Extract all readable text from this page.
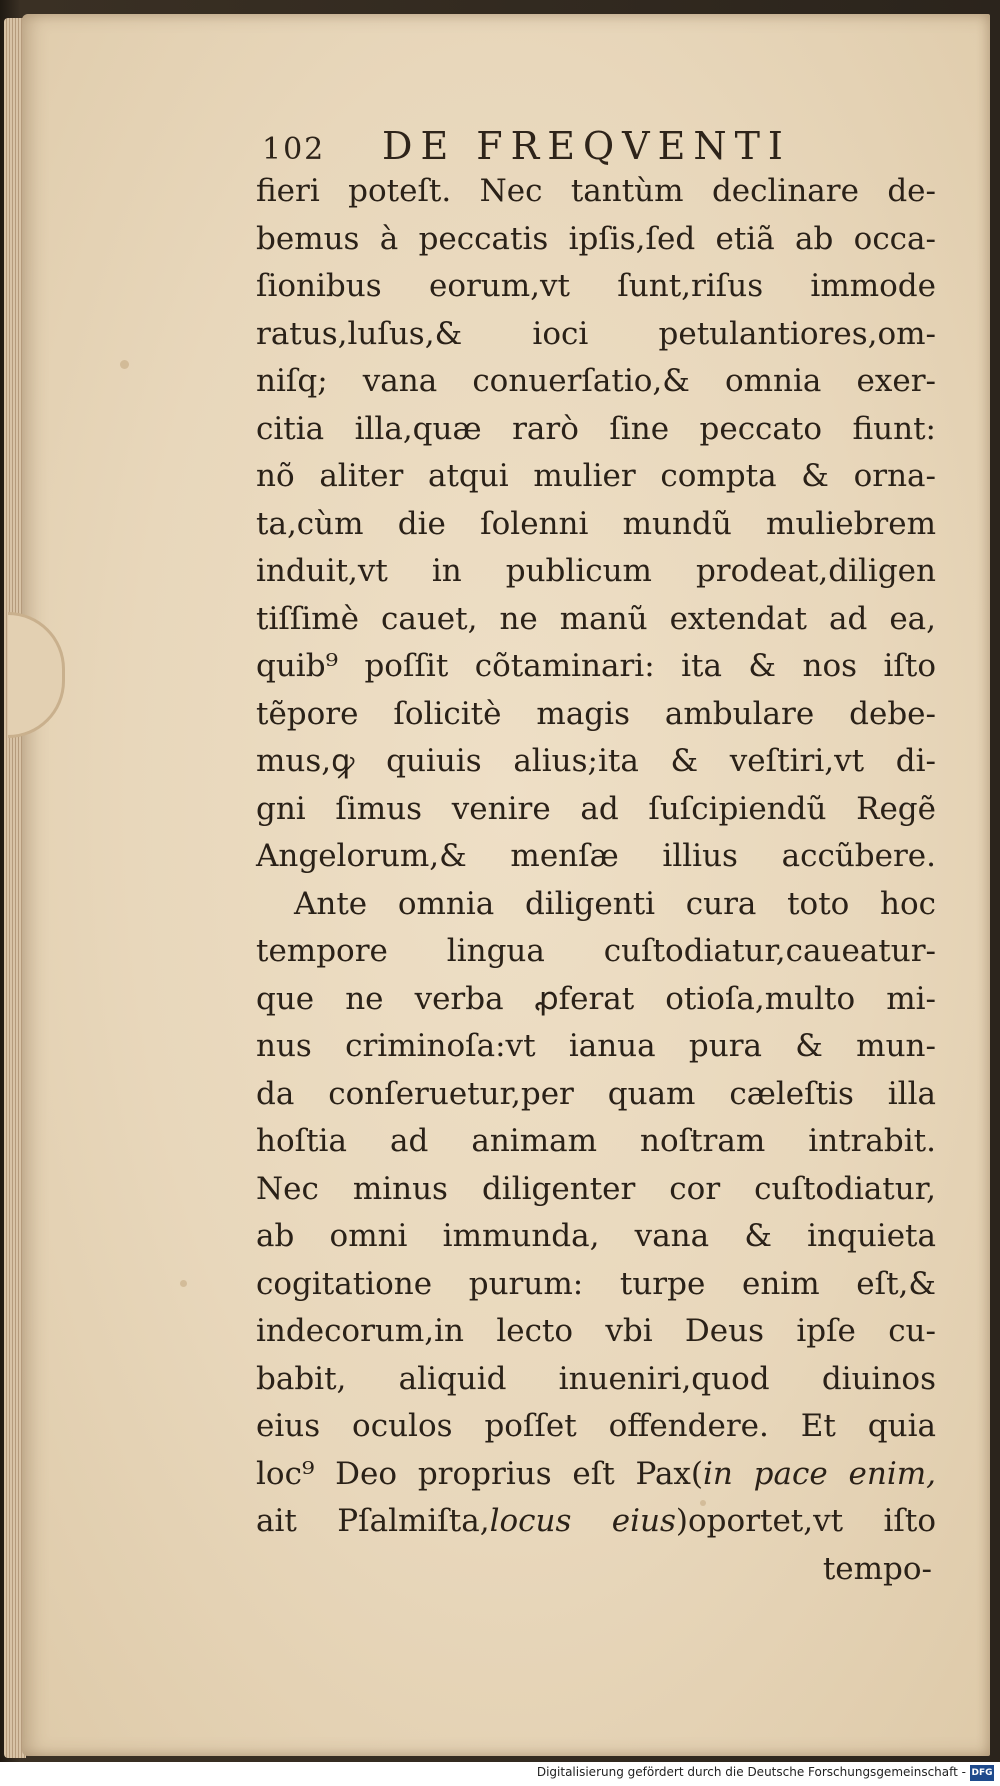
102 DE FREQVENTI
fieri poteſt. Nec tantùm declinare de-
bemus à peccatis ipſis,ſed etiã ab occa-
ſionibus eorum,vt ſunt,riſus immode
ratus,luſus,& ioci petulantiores,om-
niſq; vana conuerſatio,& omnia exer-
citia illa,quæ rarò ſine peccato fiunt:
nõ aliter atqui mulier compta & orna-
ta,cùm die ſolenni mundũ muliebrem
induit,vt in publicum prodeat,diligen
tiſſimè cauet, ne manũ extendat ad ea,
quib⁹ poſſit cõtaminari: ita & nos iſto
tẽpore ſolicitè magis ambulare debe-
mus,ꝙ quiuis alius;ita & veſtiri,vt di-
gni ſimus venire ad ſuſcipiendũ Regẽ
Angelorum,& menſæ illius accũbere.
Ante omnia diligenti cura toto hoc
tempore lingua cuſtodiatur,caueatur-
que ne verba ꝓferat otioſa,multo mi-
nus criminoſa:vt ianua pura & mun-
da conſeruetur,per quam cæleſtis illa
hoſtia ad animam noſtram intrabit.
Nec minus diligenter cor cuſtodiatur,
ab omni immunda, vana & inquieta
cogitatione purum: turpe enim eſt,&
indecorum,in lecto vbi Deus ipſe cu-
babit, aliquid inueniri,quod diuinos
eius oculos poſſet offendere. Et quia
loc⁹ Deo proprius eſt Pax(in pace enim,
ait Pſalmiſta,locus eius)oportet,vt iſto
tempo-
Digitalisierung gefördert durch die Deutsche Forschungsgemeinschaft - DFG
